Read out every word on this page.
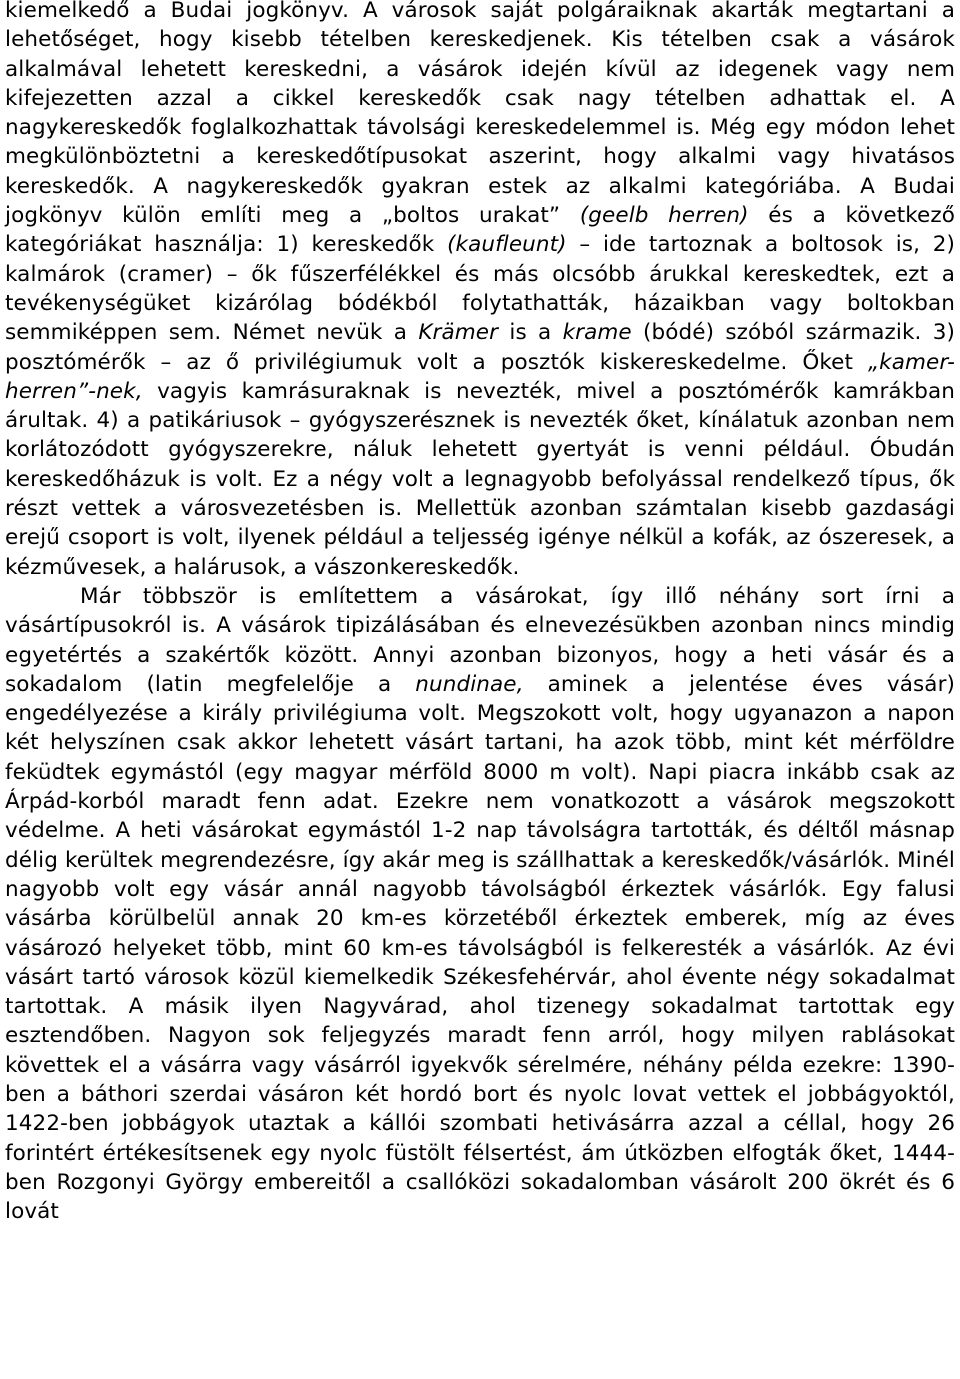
kiemelkedő a Budai jogkönyv. A városok saját polgáraiknak akarták megtartani a lehetőséget, hogy kisebb tételben kereskedjenek. Kis tételben csak a vásárok alkalmával lehetett kereskedni, a vásárok idején kívül az idegenek vagy nem kifejezetten azzal a cikkel kereskedők csak nagy tételben adhattak el. A nagykereskedők foglalkozhattak távolsági kereskedelemmel is. Még egy módon lehet megkülönböztetni a kereskedőtípusokat aszerint, hogy alkalmi vagy hivatásos kereskedők. A nagykereskedők gyakran estek az alkalmi kategóriába. A Budai jogkönyv külön említi meg a „boltos urakat” (geelb herren) és a következő kategóriákat használja: 1) kereskedők (kaufleunt) – ide tartoznak a boltosok is, 2) kalmárok (cramer) – ők fűszerfélékkel és más olcsóbb árukkal kereskedtek, ezt a tevékenységüket kizárólag bódékból folytathatták, házaikban vagy boltokban semmiképpen sem. Német nevük a Krämer is a krame (bódé) szóból származik. 3) posztómérők – az ő privilégiumuk volt a posztók kiskereskedelme. Őket „kamer-herren”-nek, vagyis kamrásuraknak is nevezték, mivel a posztómérők kamrákban árultak. 4) a patikáriusok – gyógyszerésznek is nevezték őket, kínálatuk azonban nem korlátozódott gyógyszerekre, náluk lehetett gyertyát is venni például. Óbudán kereskedőházuk is volt. Ez a négy volt a legnagyobb befolyással rendelkező típus, ők részt vettek a városvezetésben is. Mellettük azonban számtalan kisebb gazdasági erejű csoport is volt, ilyenek például a teljesség igénye nélkül a kofák, az ószeresek, a kézművesek, a halárusok, a vászonkereskedők.

Már többször is említettem a vásárokat, így illő néhány sort írni a vásártípusokról is. A vásárok tipizálásában és elnevezésükben azonban nincs mindig egyetértés a szakértők között. Annyi azonban bizonyos, hogy a heti vásár és a sokadalom (latin megfelelője a nundinae, aminek a jelentése éves vásár) engedélyezése a király privilégiuma volt. Megszokott volt, hogy ugyanazon a napon két helyszínen csak akkor lehetett vásárt tartani, ha azok több, mint két mérföldre feküdtek egymástól (egy magyar mérföld 8000 m volt). Napi piacra inkább csak az Árpád-korból maradt fenn adat. Ezekre nem vonatkozott a vásárok megszokott védelme. A heti vásárokat egymástól 1-2 nap távolságra tartották, és déltől másnap délig kerültek megrendezésre, így akár meg is szállhattak a kereskedők/vásárlók. Minél nagyobb volt egy vásár annál nagyobb távolságból érkeztek vásárlók. Egy falusi vásárba körülbelül annak 20 km-es körzetéből érkeztek emberek, míg az éves vásározó helyeket több, mint 60 km-es távolságból is felkeresték a vásárlók. Az évi vásárt tartó városok közül kiemelkedik Székesfehérvár, ahol évente négy sokadalmat tartottak. A másik ilyen Nagyvárad, ahol tizenegy sokadalmat tartottak egy esztendőben. Nagyon sok feljegyzés maradt fenn arról, hogy milyen rablásokat követtek el a vásárra vagy vásárról igyekvők sérelmére, néhány példa ezekre: 1390-ben a báthori szerdai vásáron két hordó bort és nyolc lovat vettek el jobbágyoktól, 1422-ben jobbágyok utaztak a kállói szombati hetivásárra azzal a céllal, hogy 26 forintért értékesítsenek egy nyolc füstölt félsertést, ám útközben elfogták őket, 1444-ben Rozgonyi György embereitől a csallóközi sokadalomban vásárolt 200 ökrét és 6 lovát
